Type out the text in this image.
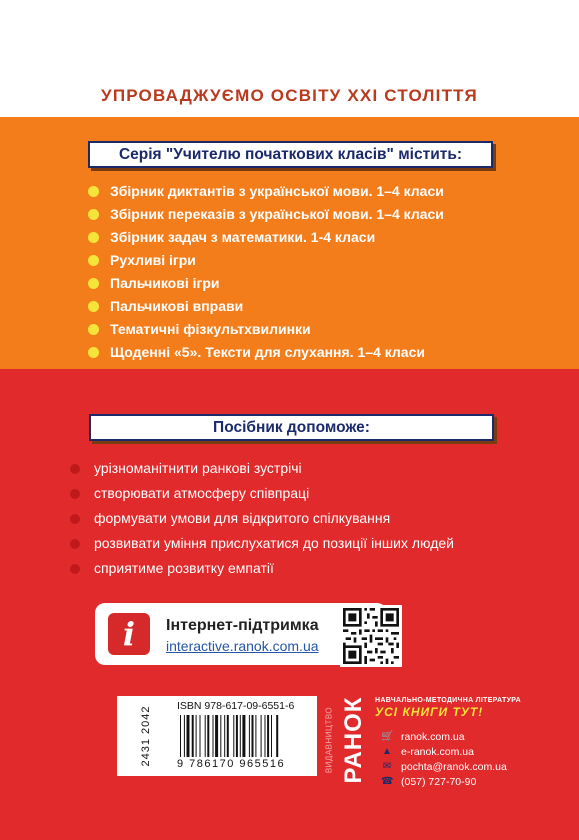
УПРОВАДЖУЄМО ОСВІТУ XXI СТОЛІТТЯ
Серія "Учителю початкових класів" містить:
Збірник диктантів з української мови. 1–4 класи
Збірник переказів з української мови. 1–4 класи
Збірник задач з математики. 1-4 класи
Рухливі ігри
Пальчикові ігри
Пальчикові вправи
Тематичні фізкультхвилинки
Щоденні «5». Тексти для слухання. 1–4 класи
Посібник допоможе:
урізноманітнити ранкові зустрічі
створювати атмосферу співпраці
формувати умови для відкритого спілкування
розвивати уміння прислухатися до позиції інших людей
сприятиме розвитку емпатії
i	Інтернет-підтримка
interactive.ranok.com.ua
2431 2042 ISBN 978-617-09-6551-6
9 786170 965516	ВИДАВНИЦТВО РАНОК НАВЧАЛЬНО-МЕТОДИЧНА ЛІТЕРАТУРА
УСІ КНИГИ ТУТ!
🛒 ranok.com.ua
▲ e-ranok.com.ua
✉ pochta@ranok.com.ua
☎ (057) 727-70-90
